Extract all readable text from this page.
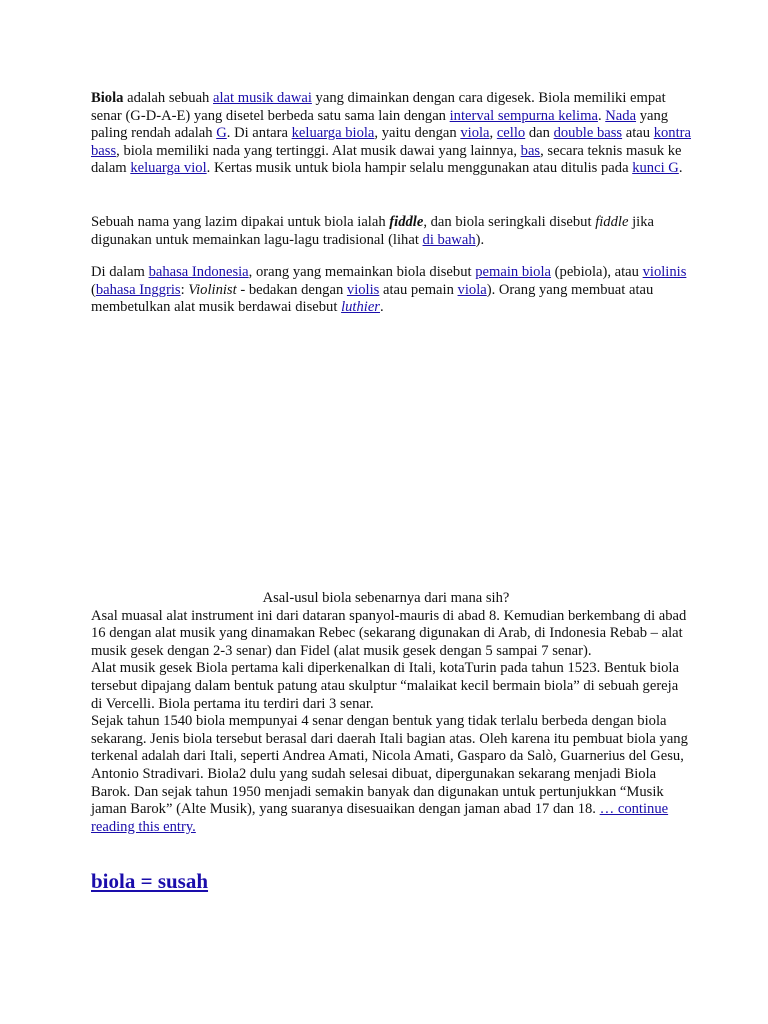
Biola adalah sebuah alat musik dawai yang dimainkan dengan cara digesek. Biola memiliki empat senar (G-D-A-E) yang disetel berbeda satu sama lain dengan interval sempurna kelima. Nada yang paling rendah adalah G. Di antara keluarga biola, yaitu dengan viola, cello dan double bass atau kontra bass, biola memiliki nada yang tertinggi. Alat musik dawai yang lainnya, bas, secara teknis masuk ke dalam keluarga viol. Kertas musik untuk biola hampir selalu menggunakan atau ditulis pada kunci G.

Sebuah nama yang lazim dipakai untuk biola ialah fiddle, dan biola seringkali disebut fiddle jika digunakan untuk memainkan lagu-lagu tradisional (lihat di bawah).

Di dalam bahasa Indonesia, orang yang memainkan biola disebut pemain biola (pebiola), atau violinis (bahasa Inggris: Violinist - bedakan dengan violis atau pemain viola). Orang yang membuat atau membetulkan alat musik berdawai disebut luthier.

Asal-usul biola sebenarnya dari mana sih?

Asal muasal alat instrument ini dari dataran spanyol-mauris di abad 8. Kemudian berkembang di abad 16 dengan alat musik yang dinamakan Rebec (sekarang digunakan di Arab, di Indonesia Rebab – alat musik gesek dengan 2-3 senar) dan Fidel (alat musik gesek dengan 5 sampai 7 senar).

Alat musik gesek Biola pertama kali diperkenalkan di Itali, kotaTurin pada tahun 1523. Bentuk biola tersebut dipajang dalam bentuk patung atau skulptur “malaikat kecil bermain biola” di sebuah gereja di Vercelli. Biola pertama itu terdiri dari 3 senar.

Sejak tahun 1540 biola mempunyai 4 senar dengan bentuk yang tidak terlalu berbeda dengan biola sekarang. Jenis biola tersebut berasal dari daerah Itali bagian atas. Oleh karena itu pembuat biola yang terkenal adalah dari Itali, seperti Andrea Amati, Nicola Amati, Gasparo da Salò, Guarnerius del Gesu, Antonio Stradivari. Biola2 dulu yang sudah selesai dibuat, dipergunakan sekarang menjadi Biola Barok. Dan sejak tahun 1950 menjadi semakin banyak dan digunakan untuk pertunjukkan “Musik jaman Barok” (Alte Musik), yang suaranya disesuaikan dengan jaman abad 17 dan 18. … continue reading this entry.

biola = susah
